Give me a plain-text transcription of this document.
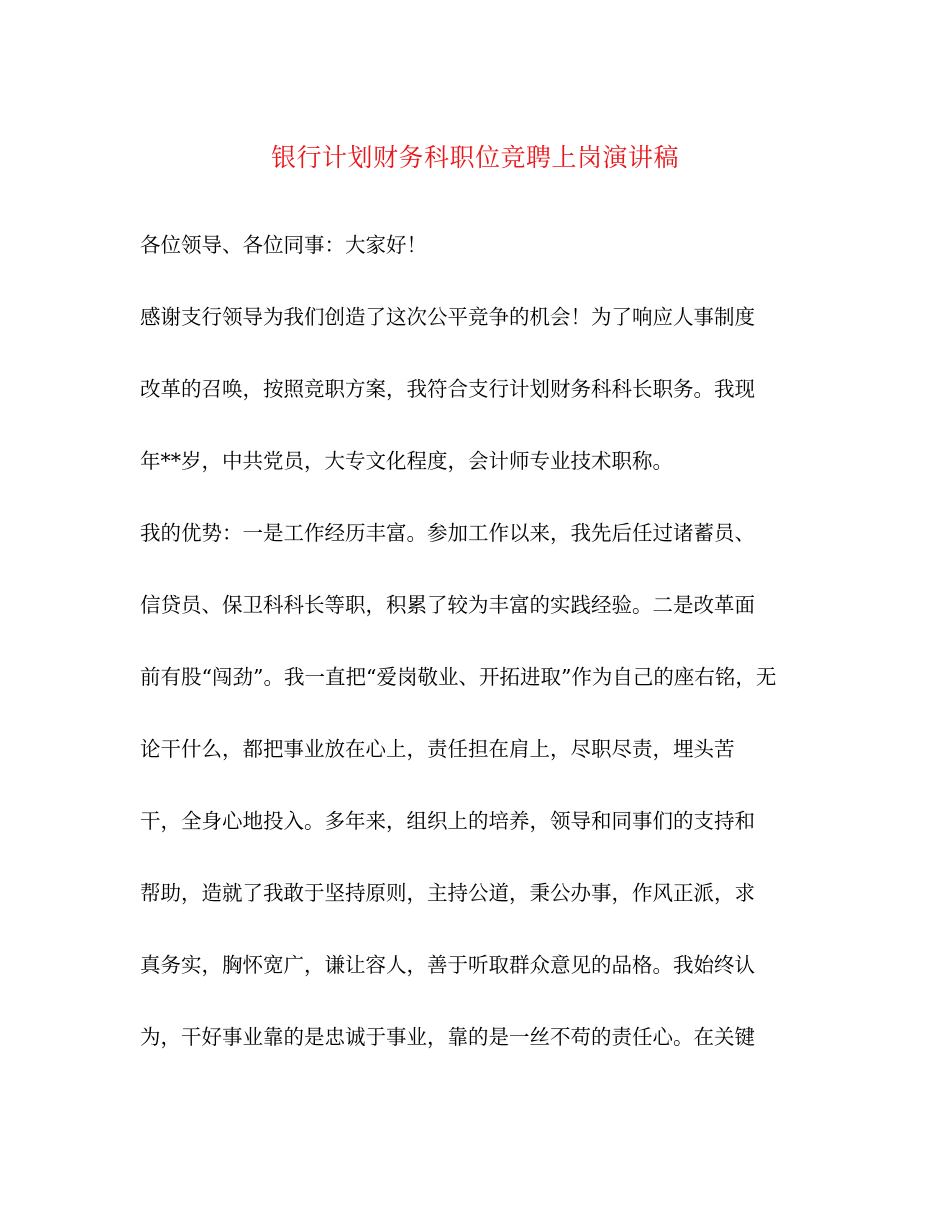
银行计划财务科职位竞聘上岗演讲稿

各位领导、各位同事：大家好！

感谢支行领导为我们创造了这次公平竞争的机会！为了响应人事制度

改革的召唤，按照竞职方案，我符合支行计划财务科科长职务。我现

年**岁，中共党员，大专文化程度，会计师专业技术职称。

我的优势：一是工作经历丰富。参加工作以来，我先后任过诸蓄员、

信贷员、保卫科科长等职，积累了较为丰富的实践经验。二是改革面

前有股“闯劲”。我一直把“爱岗敬业、开拓进取”作为自己的座右铭，无

论干什么，都把事业放在心上，责任担在肩上，尽职尽责，埋头苦

干，全身心地投入。多年来，组织上的培养，领导和同事们的支持和

帮助，造就了我敢于坚持原则，主持公道，秉公办事，作风正派，求

真务实，胸怀宽广，谦让容人，善于听取群众意见的品格。我始终认

为，干好事业靠的是忠诚于事业，靠的是一丝不苟的责任心。在关键
